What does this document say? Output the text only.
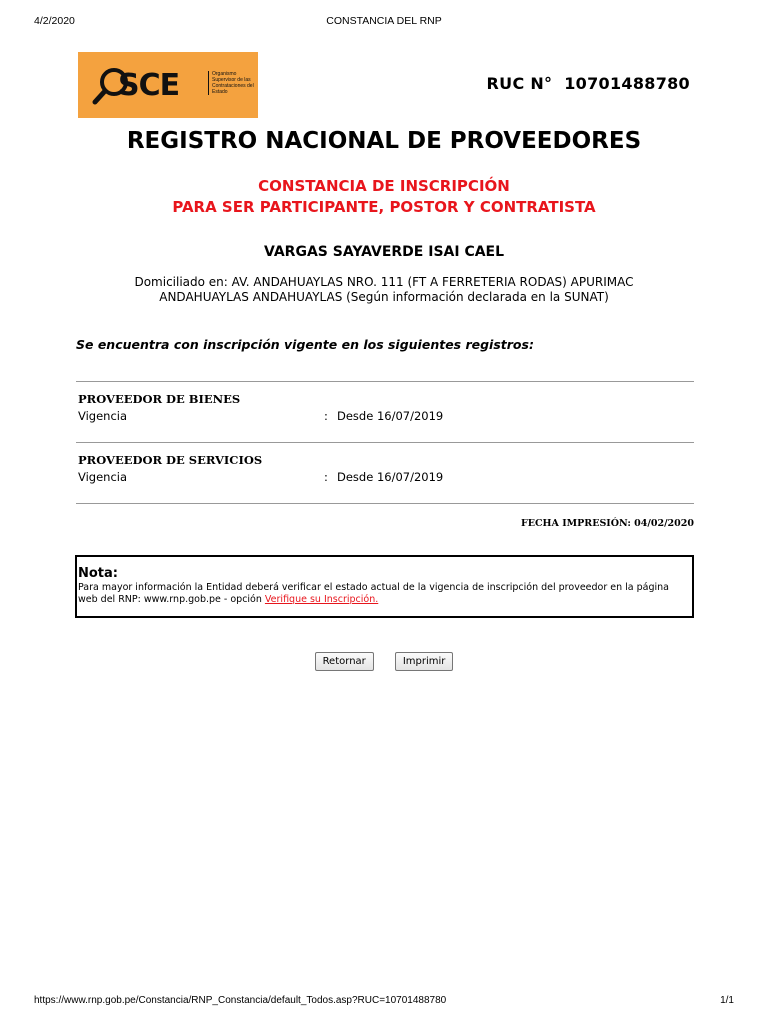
4/2/2020	CONSTANCIA DEL RNP
SCE	Organismo Supervisor de las Contrataciones del Estado	RUC N° 10701488780
REGISTRO NACIONAL DE PROVEEDORES
CONSTANCIA DE INSCRIPCIÓN
PARA SER PARTICIPANTE, POSTOR Y CONTRATISTA
VARGAS SAYAVERDE ISAI CAEL
Domiciliado en: AV. ANDAHUAYLAS NRO. 111 (FT A FERRETERIA RODAS) APURIMAC
ANDAHUAYLAS ANDAHUAYLAS (Según información declarada en la SUNAT)
Se encuentra con inscripción vigente en los siguientes registros:
PROVEEDOR DE BIENES
Vigencia	: Desde 16/07/2019
PROVEEDOR DE SERVICIOS
Vigencia	: Desde 16/07/2019
FECHA IMPRESIÓN: 04/02/2020
Nota:
Para mayor información la Entidad deberá verificar el estado actual de la vigencia de inscripción del proveedor en la página
web del RNP: www.rnp.gob.pe - opción Verifique su Inscripción.
Retornar	Imprimir
https://www.rnp.gob.pe/Constancia/RNP_Constancia/default_Todos.asp?RUC=10701488780	1/1
